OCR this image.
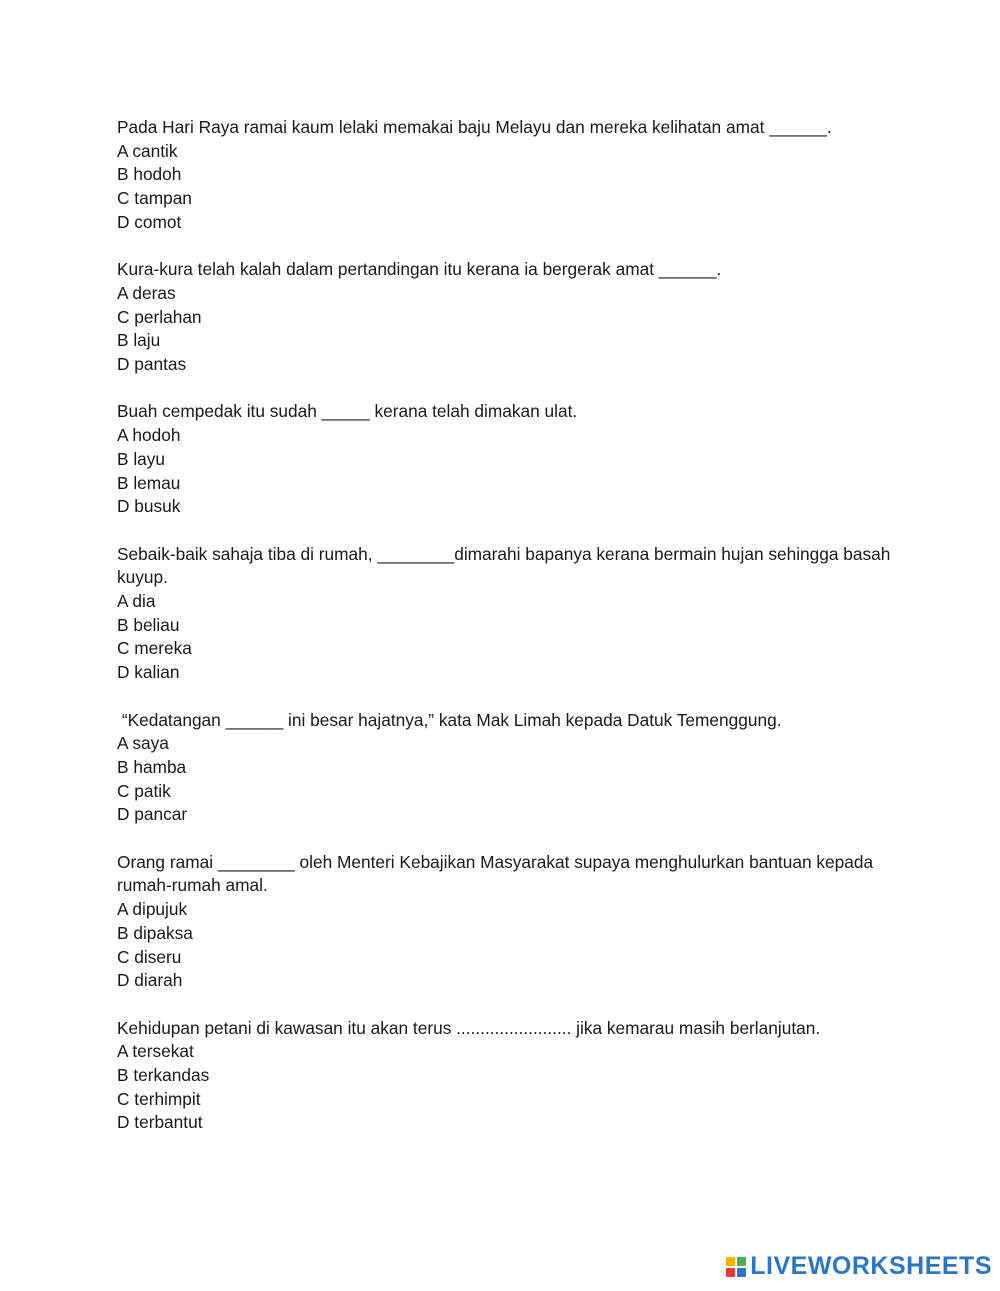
Pada Hari Raya ramai kaum lelaki memakai baju Melayu dan mereka kelihatan amat ______.

A cantik
B hodoh
C tampan
D comot

Kura-kura telah kalah dalam pertandingan itu kerana ia bergerak amat ______.

A deras
C perlahan
B laju
D pantas

Buah cempedak itu sudah _____ kerana telah dimakan ulat.

A hodoh
B layu
B lemau
D busuk

Sebaik-baik sahaja tiba di rumah, ________dimarahi bapanya kerana bermain hujan sehingga basah kuyup.

A dia
B beliau
C mereka
D kalian

“Kedatangan ______ ini besar hajatnya,” kata Mak Limah kepada Datuk Temenggung.

A saya
B hamba
C patik
D pancar

Orang ramai ________ oleh Menteri Kebajikan Masyarakat supaya menghulurkan bantuan kepada rumah-rumah amal.

A dipujuk
B dipaksa
C diseru
D diarah

Kehidupan petani di kawasan itu akan terus ........................ jika kemarau masih berlanjutan.

A tersekat
B terkandas
C terhimpit
D terbantut
LIVEWORKSHEETS
